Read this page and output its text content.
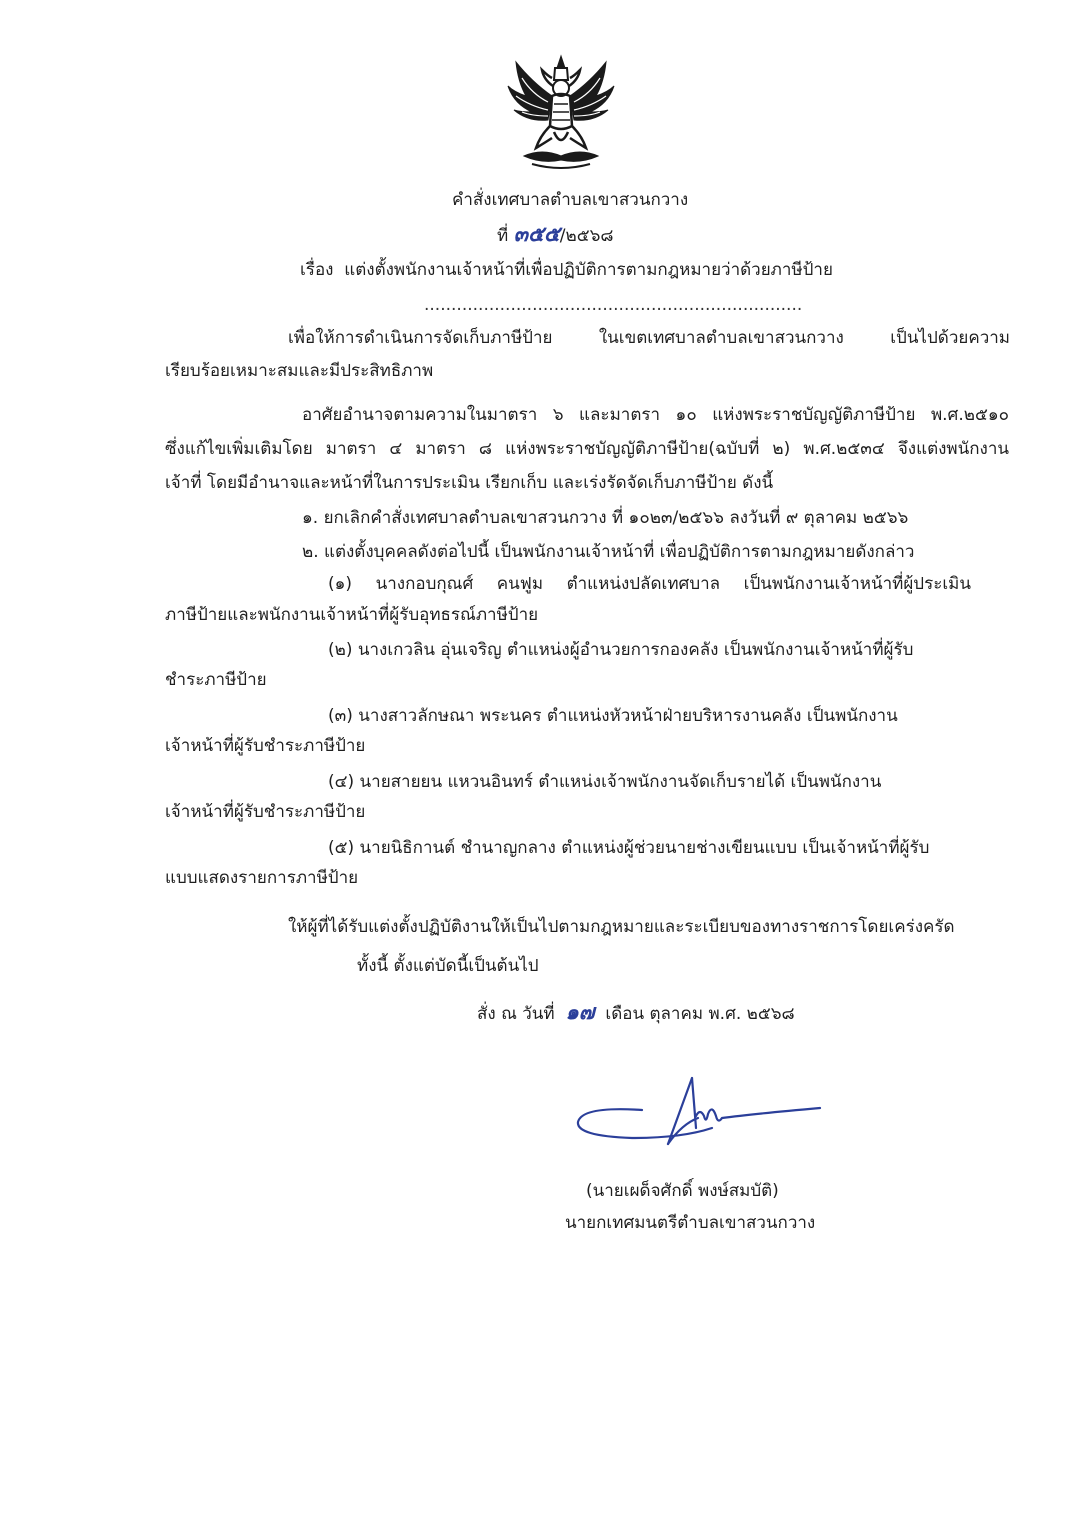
คำสั่งเทศบาลตำบลเขาสวนกวาง
ที่ ๓๕๕/๒๕๖๘
เรื่อง แต่งตั้งพนักงานเจ้าหน้าที่เพื่อปฏิบัติการตามกฎหมายว่าด้วยภาษีป้าย
......................................................................
เพื่อให้การดำเนินการจัดเก็บภาษีป้าย ในเขตเทศบาลตำบลเขาสวนกวาง เป็นไปด้วยความ
เรียบร้อยเหมาะสมและมีประสิทธิภาพ
อาศัยอำนาจตามความในมาตรา ๖ และมาตรา ๑๐ แห่งพระราชบัญญัติภาษีป้าย พ.ศ.๒๕๑๐
ซึ่งแก้ไขเพิ่มเติมโดย มาตรา ๔ มาตรา ๘ แห่งพระราชบัญญัติภาษีป้าย(ฉบับที่ ๒) พ.ศ.๒๕๓๔ จึงแต่งพนักงาน
เจ้าที่ โดยมีอำนาจและหน้าที่ในการประเมิน เรียกเก็บ และเร่งรัดจัดเก็บภาษีป้าย ดังนี้
๑. ยกเลิกคำสั่งเทศบาลตำบลเขาสวนกวาง ที่ ๑๐๒๓/๒๕๖๖ ลงวันที่ ๙ ตุลาคม ๒๕๖๖
๒. แต่งตั้งบุคคลดังต่อไปนี้ เป็นพนักงานเจ้าหน้าที่ เพื่อปฏิบัติการตามกฎหมายดังกล่าว
(๑) นางกอบกุณศ์ คนฟูม ตำแหน่งปลัดเทศบาล เป็นพนักงานเจ้าหน้าที่ผู้ประเมิน
ภาษีป้ายและพนักงานเจ้าหน้าที่ผู้รับอุทธรณ์ภาษีป้าย
(๒) นางเกวลิน อุ่นเจริญ ตำแหน่งผู้อำนวยการกองคลัง เป็นพนักงานเจ้าหน้าที่ผู้รับ
ชำระภาษีป้าย
(๓) นางสาวลักษณา พระนคร ตำแหน่งหัวหน้าฝ่ายบริหารงานคลัง เป็นพนักงาน
เจ้าหน้าที่ผู้รับชำระภาษีป้าย
(๔) นายสายยน แหวนอินทร์ ตำแหน่งเจ้าพนักงานจัดเก็บรายได้ เป็นพนักงาน
เจ้าหน้าที่ผู้รับชำระภาษีป้าย
(๕) นายนิธิกานต์ ชำนาญกลาง ตำแหน่งผู้ช่วยนายช่างเขียนแบบ เป็นเจ้าหน้าที่ผู้รับ
แบบแสดงรายการภาษีป้าย
ให้ผู้ที่ได้รับแต่งตั้งปฏิบัติงานให้เป็นไปตามกฎหมายและระเบียบของทางราชการโดยเคร่งครัด
ทั้งนี้ ตั้งแต่บัดนี้เป็นต้นไป
สั่ง ณ วันที่ ๑๗ เดือน ตุลาคม พ.ศ. ๒๕๖๘
(นายเผด็จศักดิ์ พงษ์สมบัติ)
นายกเทศมนตรีตำบลเขาสวนกวาง
